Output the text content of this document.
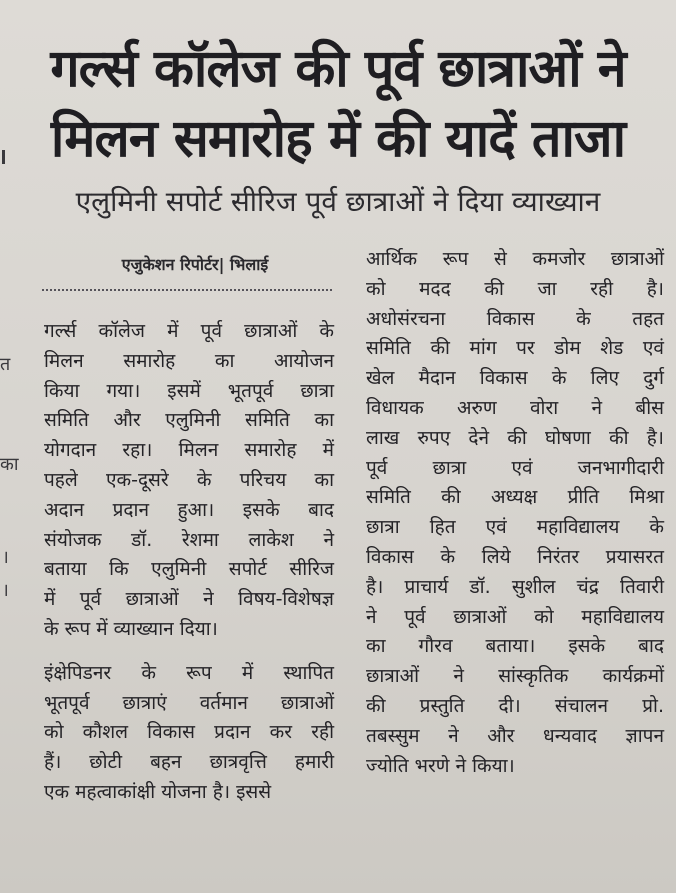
त
का
।
।
गर्ल्स कॉलेज की पूर्व छात्राओं ने
मिलन समारोह में की यादें ताजा
एलुमिनी सपोर्ट सीरिज पूर्व छात्राओं ने दिया व्याख्यान
एजुकेशन रिपोर्टर| भिलाई
गर्ल्स कॉलेज में पूर्व छात्राओं के
मिलन समारोह का आयोजन
किया गया। इसमें भूतपूर्व छात्रा
समिति और एलुमिनी समिति का
योगदान रहा। मिलन समारोह में
पहले एक-दूसरे के परिचय का
अदान प्रदान हुआ। इसके बाद
संयोजक डॉ. रेशमा लाकेश ने
बताया कि एलुमिनी सपोर्ट सीरिज
में पूर्व छात्राओं ने विषय-विशेषज्ञ
के रूप में व्याख्यान दिया।
इंक्षेपिडनर के रूप में स्थापित
भूतपूर्व छात्राएं वर्तमान छात्राओं
को कौशल विकास प्रदान कर रही
हैं। छोटी बहन छात्रवृत्ति हमारी
एक महत्वाकांक्षी योजना है। इससे
आर्थिक रूप से कमजोर छात्राओं
को मदद की जा रही है।
अधोसंरचना विकास के तहत
समिति की मांग पर डोम शेड एवं
खेल मैदान विकास के लिए दुर्ग
विधायक अरुण वोरा ने बीस
लाख रुपए देने की घोषणा की है।
पूर्व छात्रा एवं जनभागीदारी
समिति की अध्यक्ष प्रीति मिश्रा
छात्रा हित एवं महाविद्यालय के
विकास के लिये निरंतर प्रयासरत
है। प्राचार्य डॉ. सुशील चंद्र तिवारी
ने पूर्व छात्राओं को महाविद्यालय
का गौरव बताया। इसके बाद
छात्राओं ने सांस्कृतिक कार्यक्रमों
की प्रस्तुति दी। संचालन प्रो.
तबस्सुम ने और धन्यवाद ज्ञापन
ज्योति भरणे ने किया।
